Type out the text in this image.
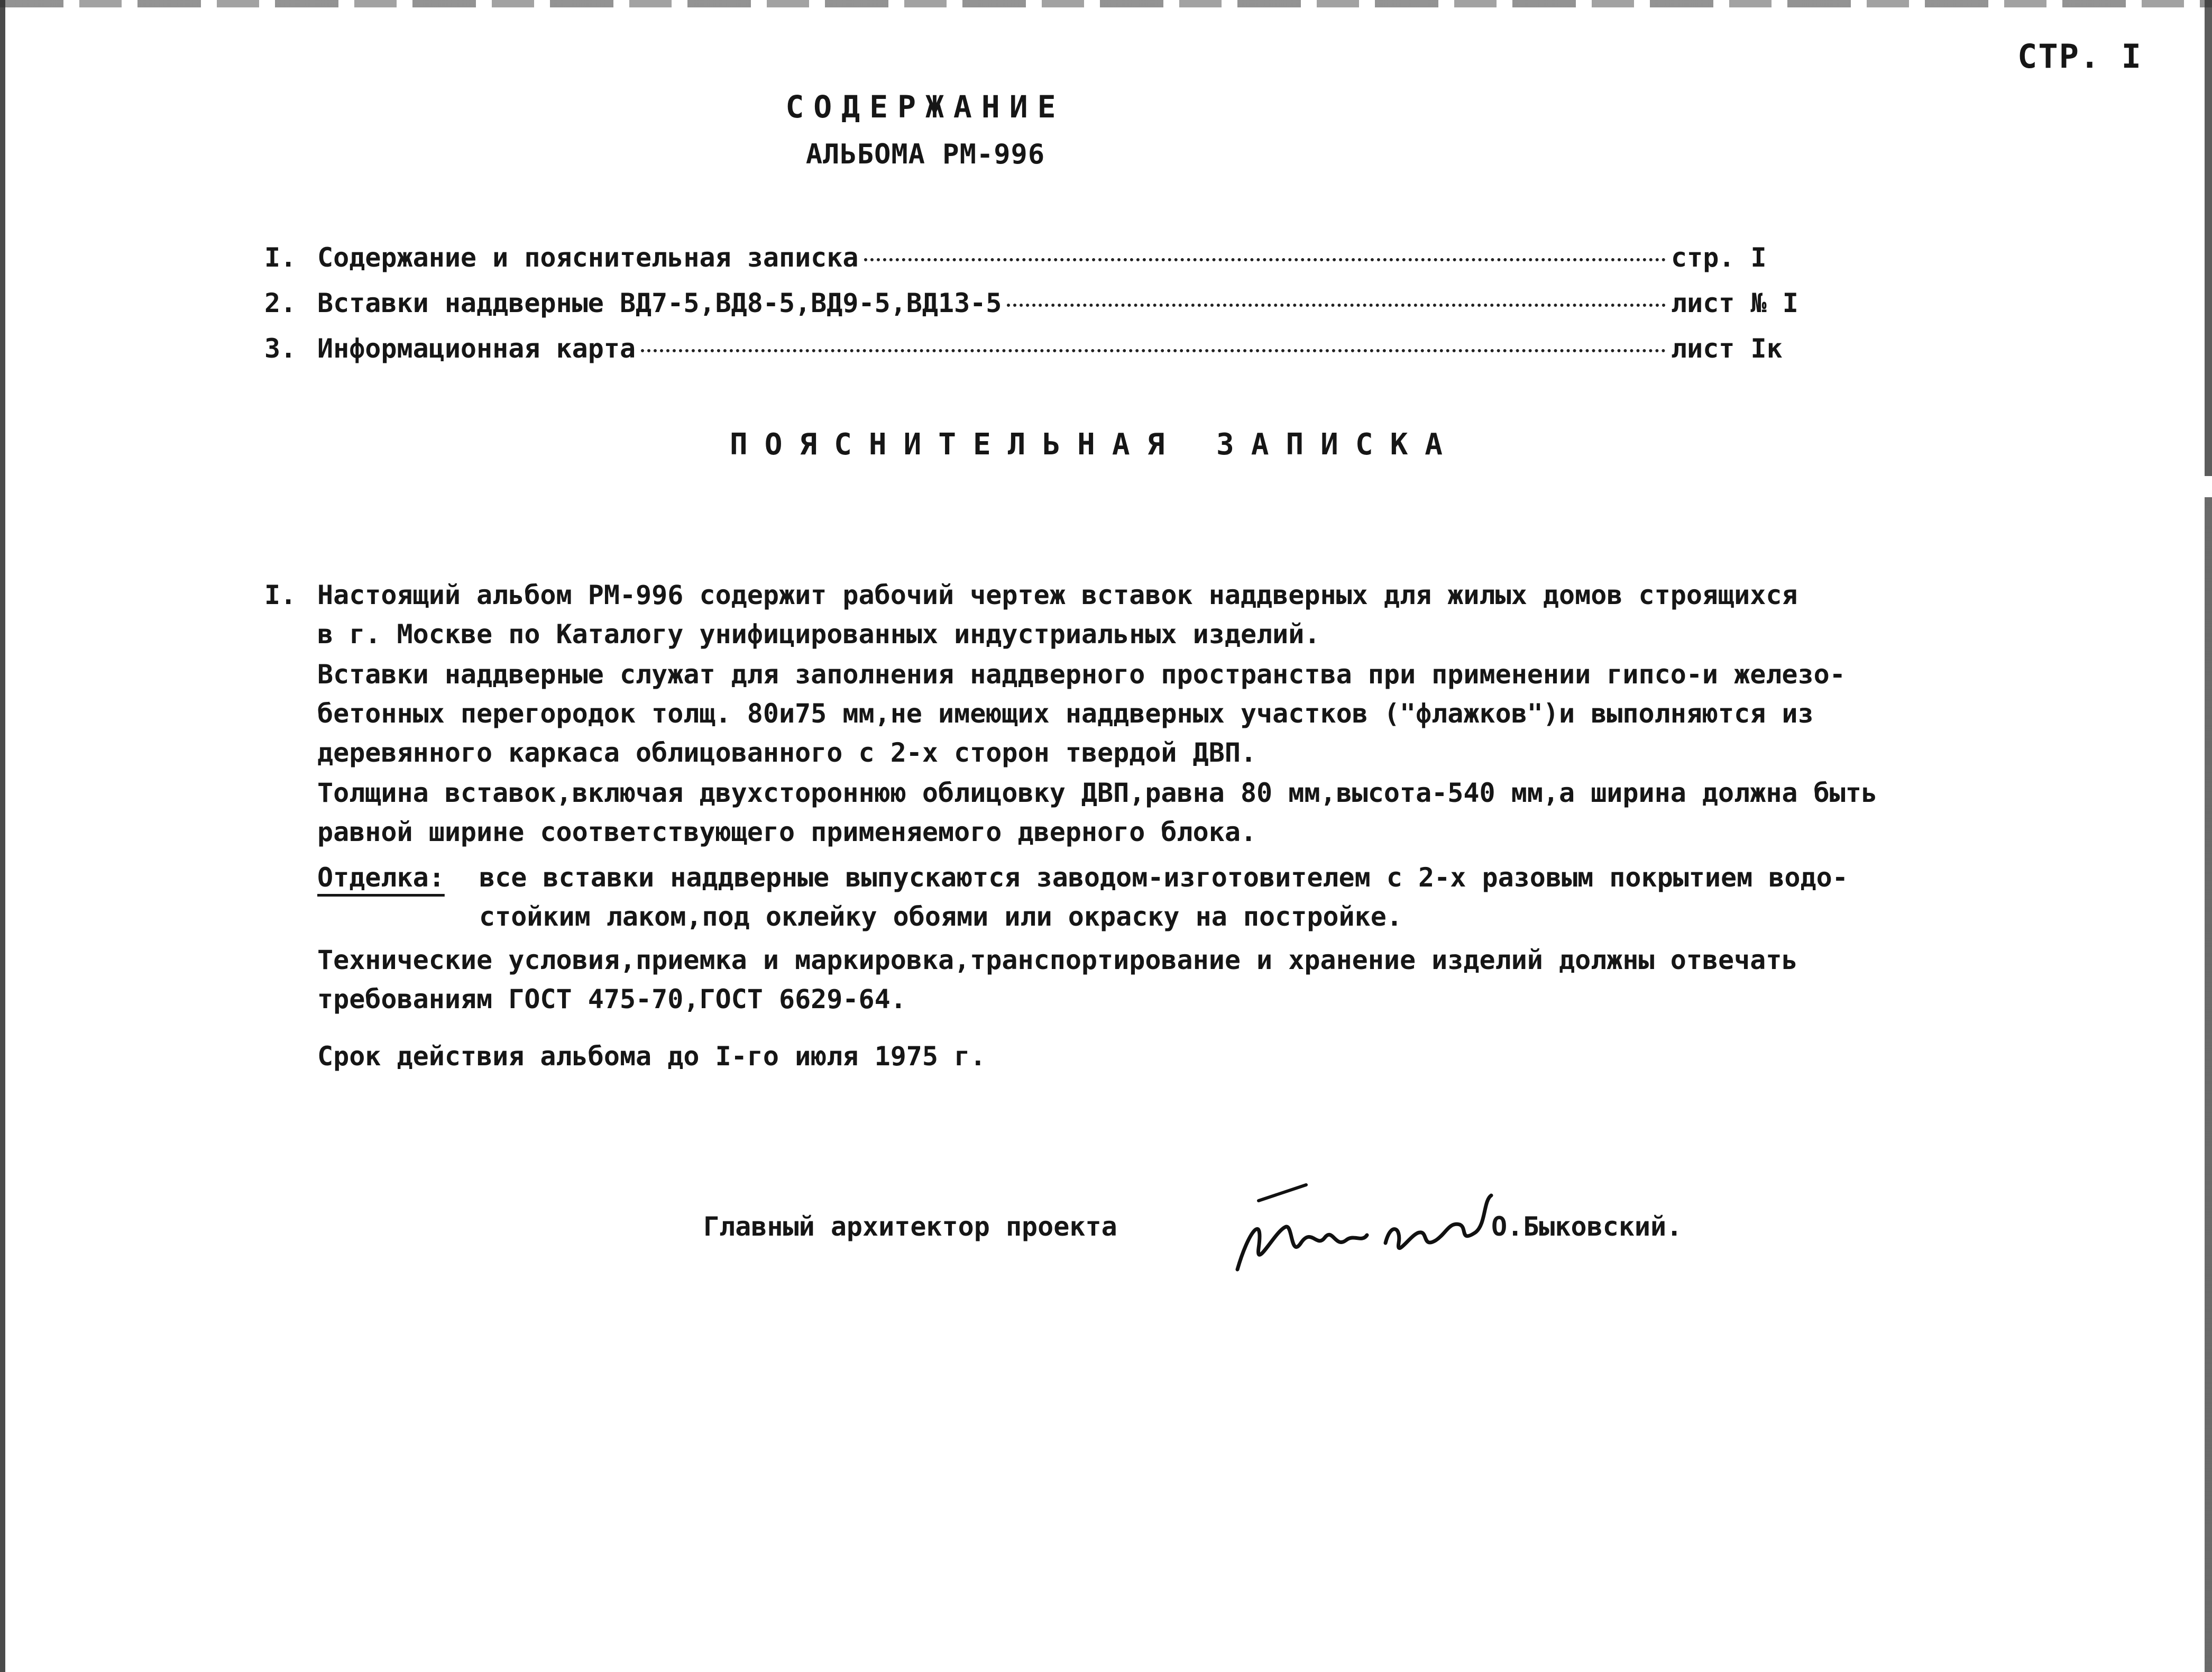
СТР. I
СОДЕРЖАНИЕ
АЛЬБОМА РМ-996
I. Содержание и пояснительная записка	стр. I
2. Вставки наддверные ВД7-5,ВД8-5,ВД9-5,ВД13-5	лист № I
3. Информационная карта	лист Iк
ПОЯСНИТЕЛЬНАЯ ЗАПИСКА
I. Настоящий альбом РМ-996 содержит рабочий чертеж вставок наддверных для жилых домов строящихся
в г. Москве по Каталогу унифицированных индустриальных изделий.
Вставки наддверные служат для заполнения наддверного пространства при применении гипсо-и железо-
бетонных перегородок толщ. 80и75 мм,не имеющих наддверных участков ("флажков")и выполняются из
деревянного каркаса облицованного с 2-х сторон твердой ДВП.
Толщина вставок,включая двухстороннюю облицовку ДВП,равна 80 мм,высота-540 мм,а ширина должна быть
равной ширине соответствующего применяемого дверного блока.
Отделка: все вставки наддверные выпускаются заводом-изготовителем с 2-х разовым покрытием водо-
стойким лаком,под оклейку обоями или окраску на постройке.
Технические условия,приемка и маркировка,транспортирование и хранение изделий должны отвечать
требованиям ГОСТ 475-70,ГОСТ 6629-64.
Срок действия альбома до I-го июля 1975 г.
Главный архитектор проекта	О.Быковский.
